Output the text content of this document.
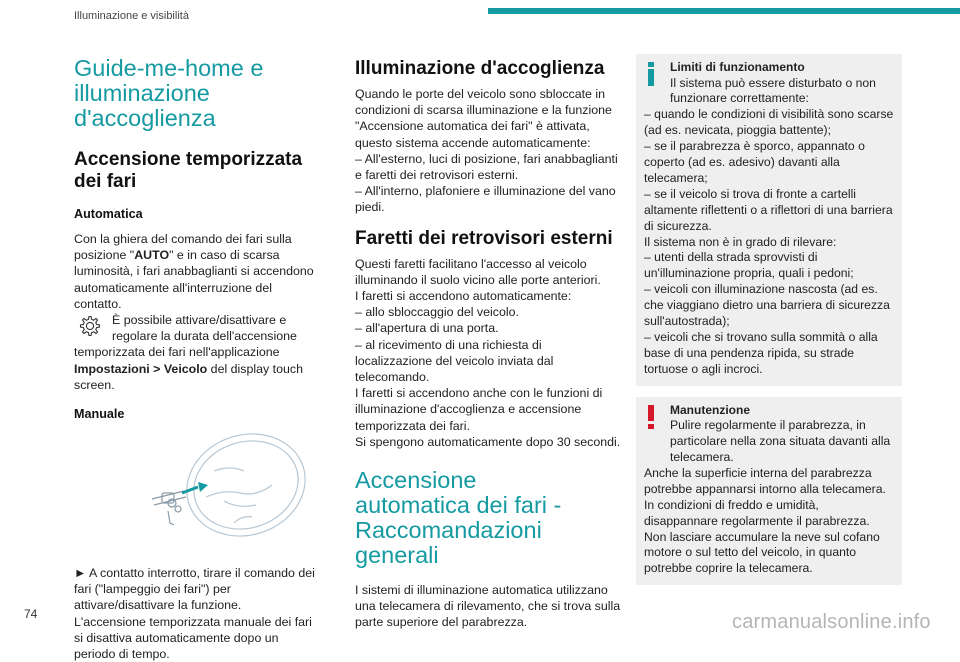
Illuminazione e visibilità
Guide-me-home e illuminazione d'accoglienza
Accensione temporizzata dei fari
Automatica

Con la ghiera del comando dei fari sulla posizione "AUTO" e in caso di scarsa luminosità, i fari anabbaglianti si accendono automaticamente all'interruzione del contatto.

È possibile attivare/disattivare e regolare la durata dell'accensione temporizzata dei fari nell'applicazione Impostazioni > Veicolo del display touch screen.

Manuale

► A contatto interrotto, tirare il comando dei fari ("lampeggio dei fari") per attivare/disattivare la funzione.

L'accensione temporizzata manuale dei fari si disattiva automaticamente dopo un periodo di tempo.

Illuminazione d'accoglienza

Quando le porte del veicolo sono sbloccate in condizioni di scarsa illuminazione e la funzione "Accensione automatica dei fari" è attivata, questo sistema accende automaticamente:

– All'esterno, luci di posizione, fari anabbaglianti e faretti dei retrovisori esterni.

– All'interno, plafoniere e illuminazione del vano piedi.

Faretti dei retrovisori esterni

Questi faretti facilitano l'accesso al veicolo illuminando il suolo vicino alle porte anteriori.

I faretti si accendono automaticamente:

– allo sbloccaggio del veicolo.

– all'apertura di una porta.

– al ricevimento di una richiesta di localizzazione del veicolo inviata dal telecomando.

I faretti si accendono anche con le funzioni di illuminazione d'accoglienza e accensione temporizzata dei fari.

Si spengono automaticamente dopo 30 secondi.

Accensione automatica dei fari - Raccomandazioni generali

I sistemi di illuminazione automatica utilizzano una telecamera di rilevamento, che si trova sulla parte superiore del parabrezza.

Limiti di funzionamento

Il sistema può essere disturbato o non funzionare correttamente:

– quando le condizioni di visibilità sono scarse (ad es. nevicata, pioggia battente);

– se il parabrezza è sporco, appannato o coperto (ad es. adesivo) davanti alla telecamera;

– se il veicolo si trova di fronte a cartelli altamente riflettenti o a riflettori di una barriera di sicurezza.

Il sistema non è in grado di rilevare:

– utenti della strada sprovvisti di un'illuminazione propria, quali i pedoni;

– veicoli con illuminazione nascosta (ad es. che viaggiano dietro una barriera di sicurezza sull'autostrada);

– veicoli che si trovano sulla sommità o alla base di una pendenza ripida, su strade tortuose o agli incroci.

Manutenzione

Pulire regolarmente il parabrezza, in particolare nella zona situata davanti alla telecamera.

Anche la superficie interna del parabrezza potrebbe appannarsi intorno alla telecamera. In condizioni di freddo e umidità, disappannare regolarmente il parabrezza.

Non lasciare accumulare la neve sul cofano motore o sul tetto del veicolo, in quanto potrebbe coprire la telecamera.

74	carmanualsonline.info
